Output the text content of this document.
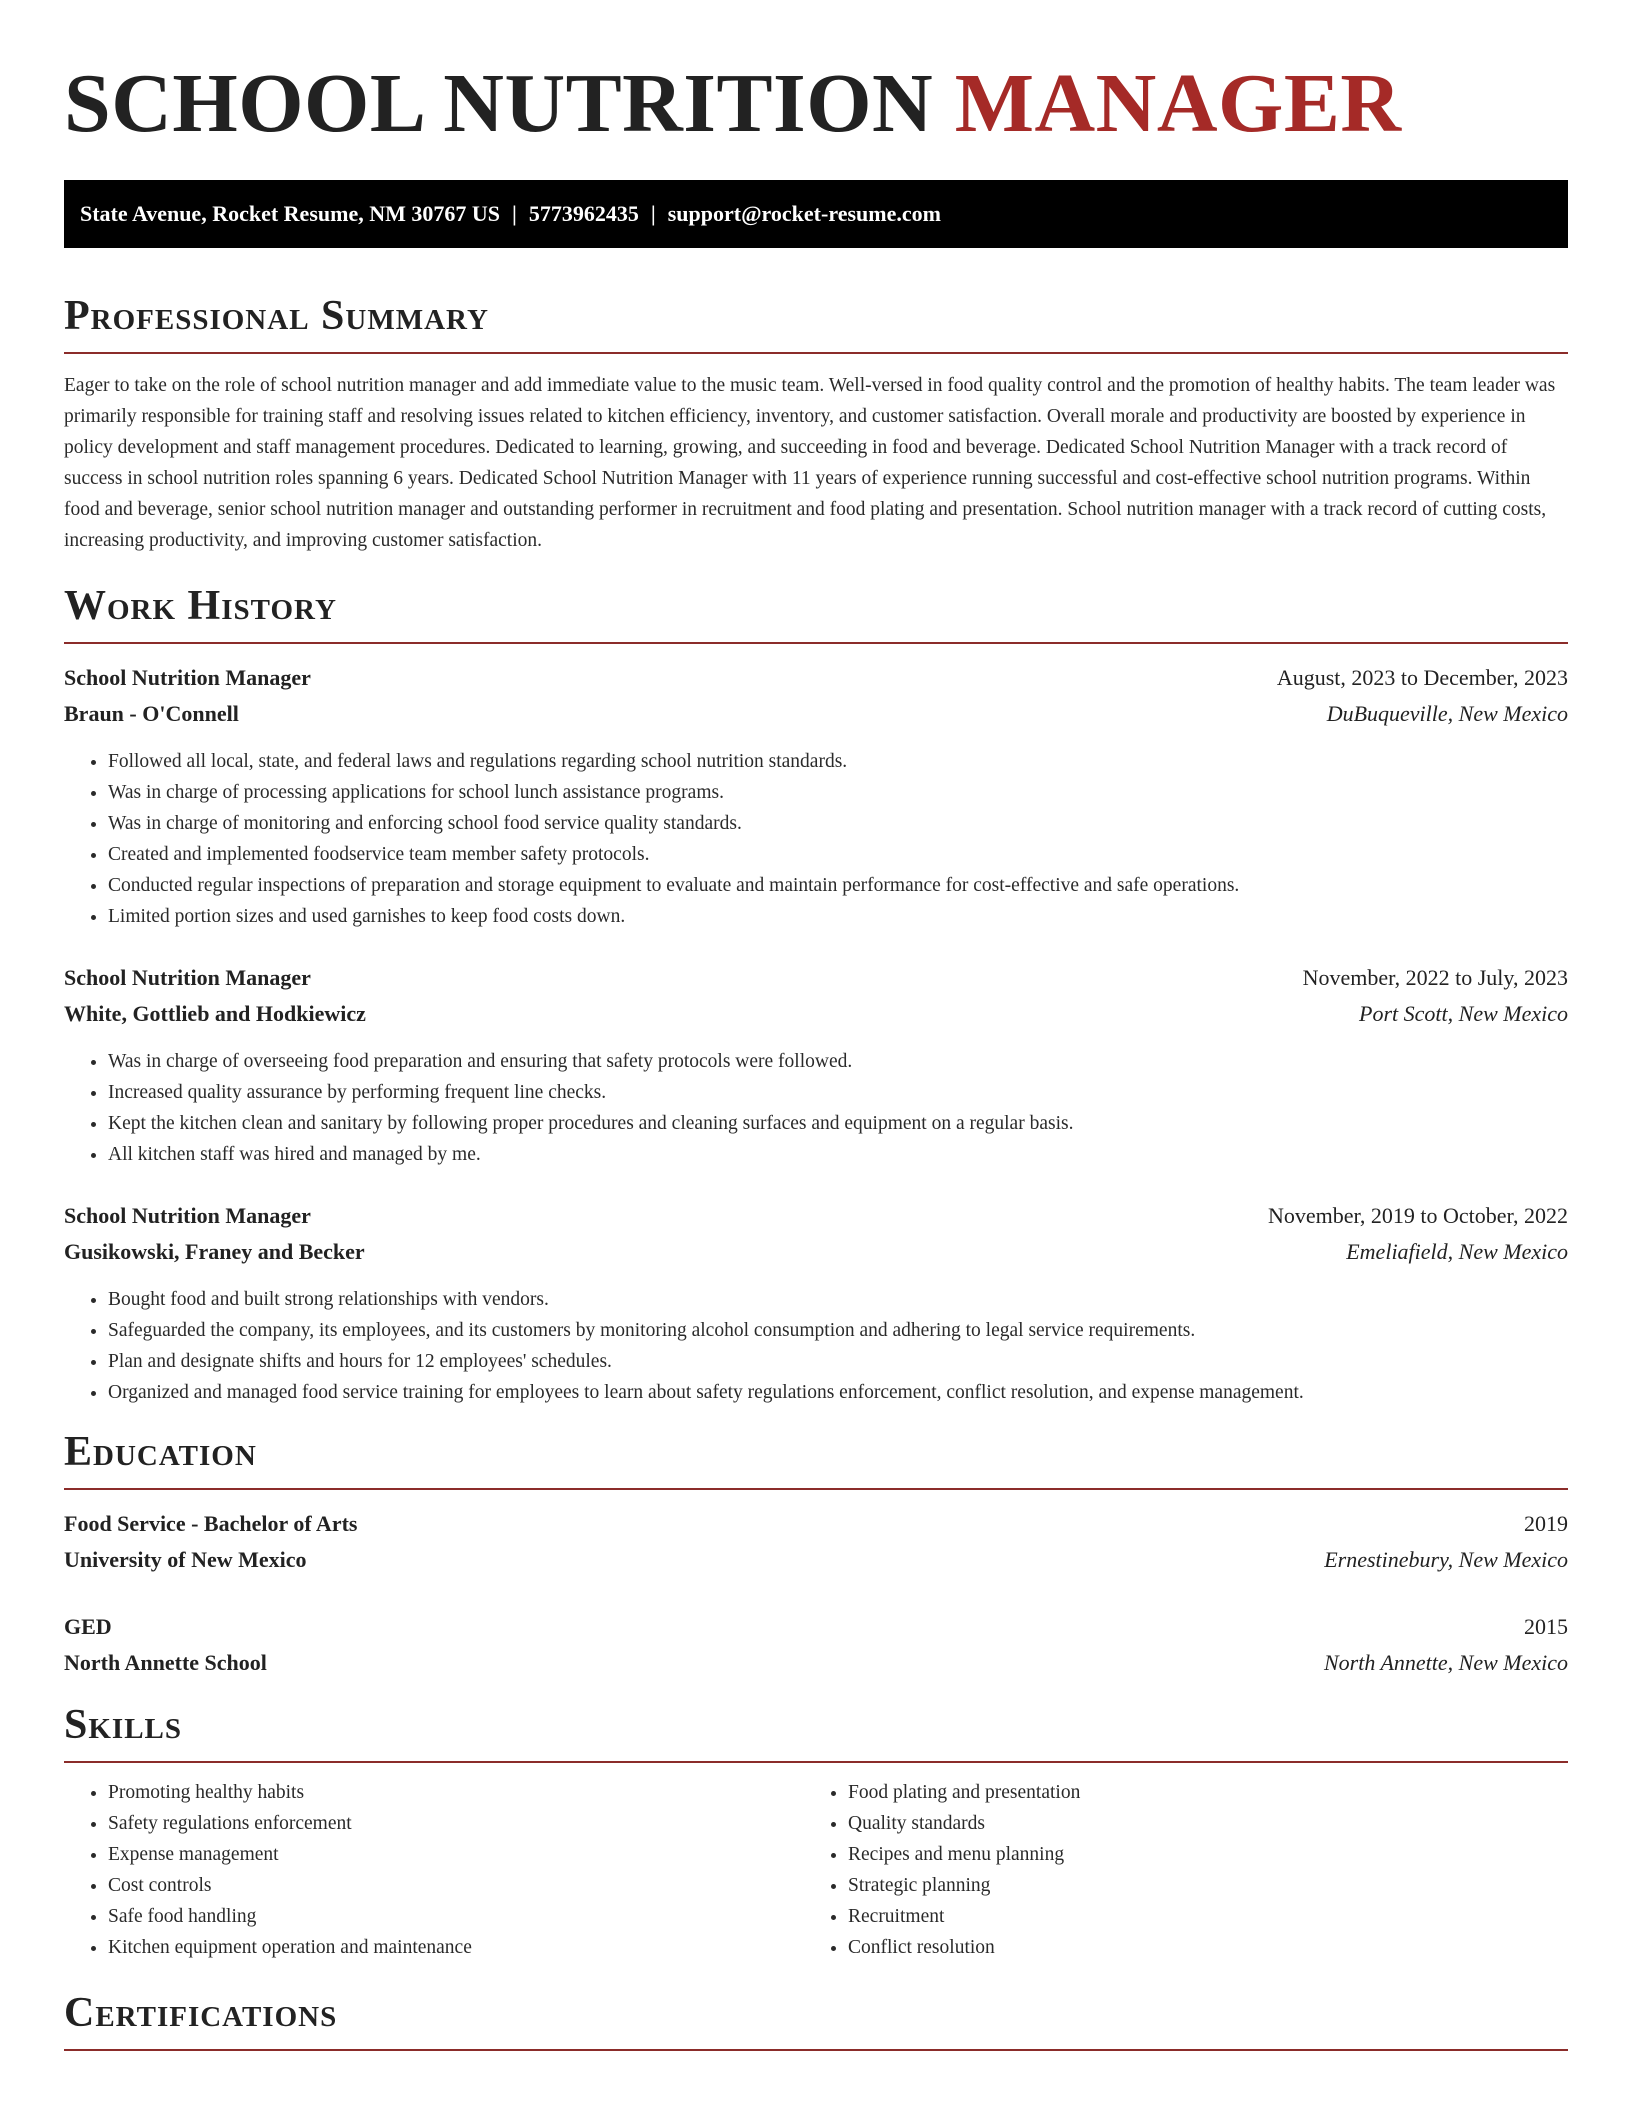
SCHOOL NUTRITION MANAGER
State Avenue, Rocket Resume, NM 30767 US | 5773962435 | support@rocket-resume.com
Professional Summary

Eager to take on the role of school nutrition manager and add immediate value to the music team. Well-versed in food quality control and the promotion of healthy habits. The team leader was primarily responsible for training staff and resolving issues related to kitchen efficiency, inventory, and customer satisfaction. Overall morale and productivity are boosted by experience in policy development and staff management procedures. Dedicated to learning, growing, and succeeding in food and beverage. Dedicated School Nutrition Manager with a track record of success in school nutrition roles spanning 6 years. Dedicated School Nutrition Manager with 11 years of experience running successful and cost-effective school nutrition programs. Within food and beverage, senior school nutrition manager and outstanding performer in recruitment and food plating and presentation. School nutrition manager with a track record of cutting costs, increasing productivity, and improving customer satisfaction.

Work History
School Nutrition Manager	August, 2023 to December, 2023
Braun - O'Connell	DuBuqueville, New Mexico
• Followed all local, state, and federal laws and regulations regarding school nutrition standards.
• Was in charge of processing applications for school lunch assistance programs.
• Was in charge of monitoring and enforcing school food service quality standards.
• Created and implemented foodservice team member safety protocols.
• Conducted regular inspections of preparation and storage equipment to evaluate and maintain performance for cost-effective and safe operations.
• Limited portion sizes and used garnishes to keep food costs down.
School Nutrition Manager	November, 2022 to July, 2023
White, Gottlieb and Hodkiewicz	Port Scott, New Mexico
• Was in charge of overseeing food preparation and ensuring that safety protocols were followed.
• Increased quality assurance by performing frequent line checks.
• Kept the kitchen clean and sanitary by following proper procedures and cleaning surfaces and equipment on a regular basis.
• All kitchen staff was hired and managed by me.
School Nutrition Manager	November, 2019 to October, 2022
Gusikowski, Franey and Becker	Emeliafield, New Mexico
• Bought food and built strong relationships with vendors.
• Safeguarded the company, its employees, and its customers by monitoring alcohol consumption and adhering to legal service requirements.
• Plan and designate shifts and hours for 12 employees' schedules.
• Organized and managed food service training for employees to learn about safety regulations enforcement, conflict resolution, and expense management.
Education
Food Service - Bachelor of Arts	2019
University of New Mexico	Ernestinebury, New Mexico
GED	2015
North Annette School	North Annette, New Mexico
Skills
• Promoting healthy habits
• Safety regulations enforcement
• Expense management
• Cost controls
• Safe food handling
• Kitchen equipment operation and maintenance
• Food plating and presentation
• Quality standards
• Recipes and menu planning
• Strategic planning
• Recruitment
• Conflict resolution
Certifications
